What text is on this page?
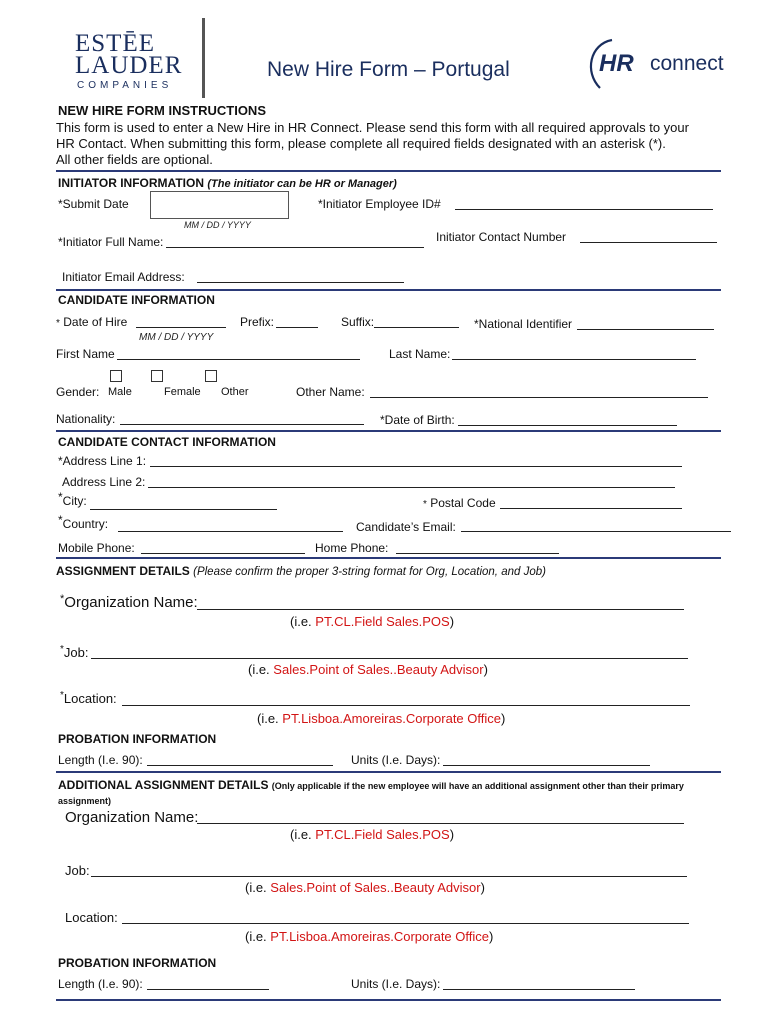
ESTĒE
LAUDER
COMPANIES
New Hire Form – Portugal	HR connect
NEW HIRE FORM INSTRUCTIONS
This form is used to enter a New Hire in HR Connect. Please send this form with all required approvals to your
HR Contact. When submitting this form, please complete all required fields designated with an asterisk (*).
All other fields are optional.
INITIATOR INFORMATION (The initiator can be HR or Manager)
*Submit Date
MM / DD / YYYY
*Initiator Employee ID#
*Initiator Full Name:	Initiator Contact Number
Initiator Email Address:
CANDIDATE INFORMATION
* Date of Hire
MM / DD / YYYY
Prefix:	Suffix:	*National Identifier
First Name	Last Name:
Gender: Male	Female Other	Other Name:
Nationality:	*Date of Birth:
CANDIDATE CONTACT INFORMATION
*Address Line 1:
Address Line 2:
*City:	* Postal Code
*Country:	Candidate’s Email:
Mobile Phone:	Home Phone:
ASSIGNMENT DETAILS (Please confirm the proper 3-string format for Org, Location, and Job)
*Organization Name:
(i.e. PT.CL.Field Sales.POS)
*Job:
(i.e. Sales.Point of Sales..Beauty Advisor)
*Location:
(i.e. PT.Lisboa.Amoreiras.Corporate Office)
PROBATION INFORMATION
Length (I.e. 90):	Units (I.e. Days):
ADDITIONAL ASSIGNMENT DETAILS (Only applicable if the new employee will have an additional assignment other than their primary
assignment)
Organization Name:
(i.e. PT.CL.Field Sales.POS)
Job:
(i.e. Sales.Point of Sales..Beauty Advisor)
Location:
(i.e. PT.Lisboa.Amoreiras.Corporate Office)
PROBATION INFORMATION
Length (I.e. 90):	Units (I.e. Days):
